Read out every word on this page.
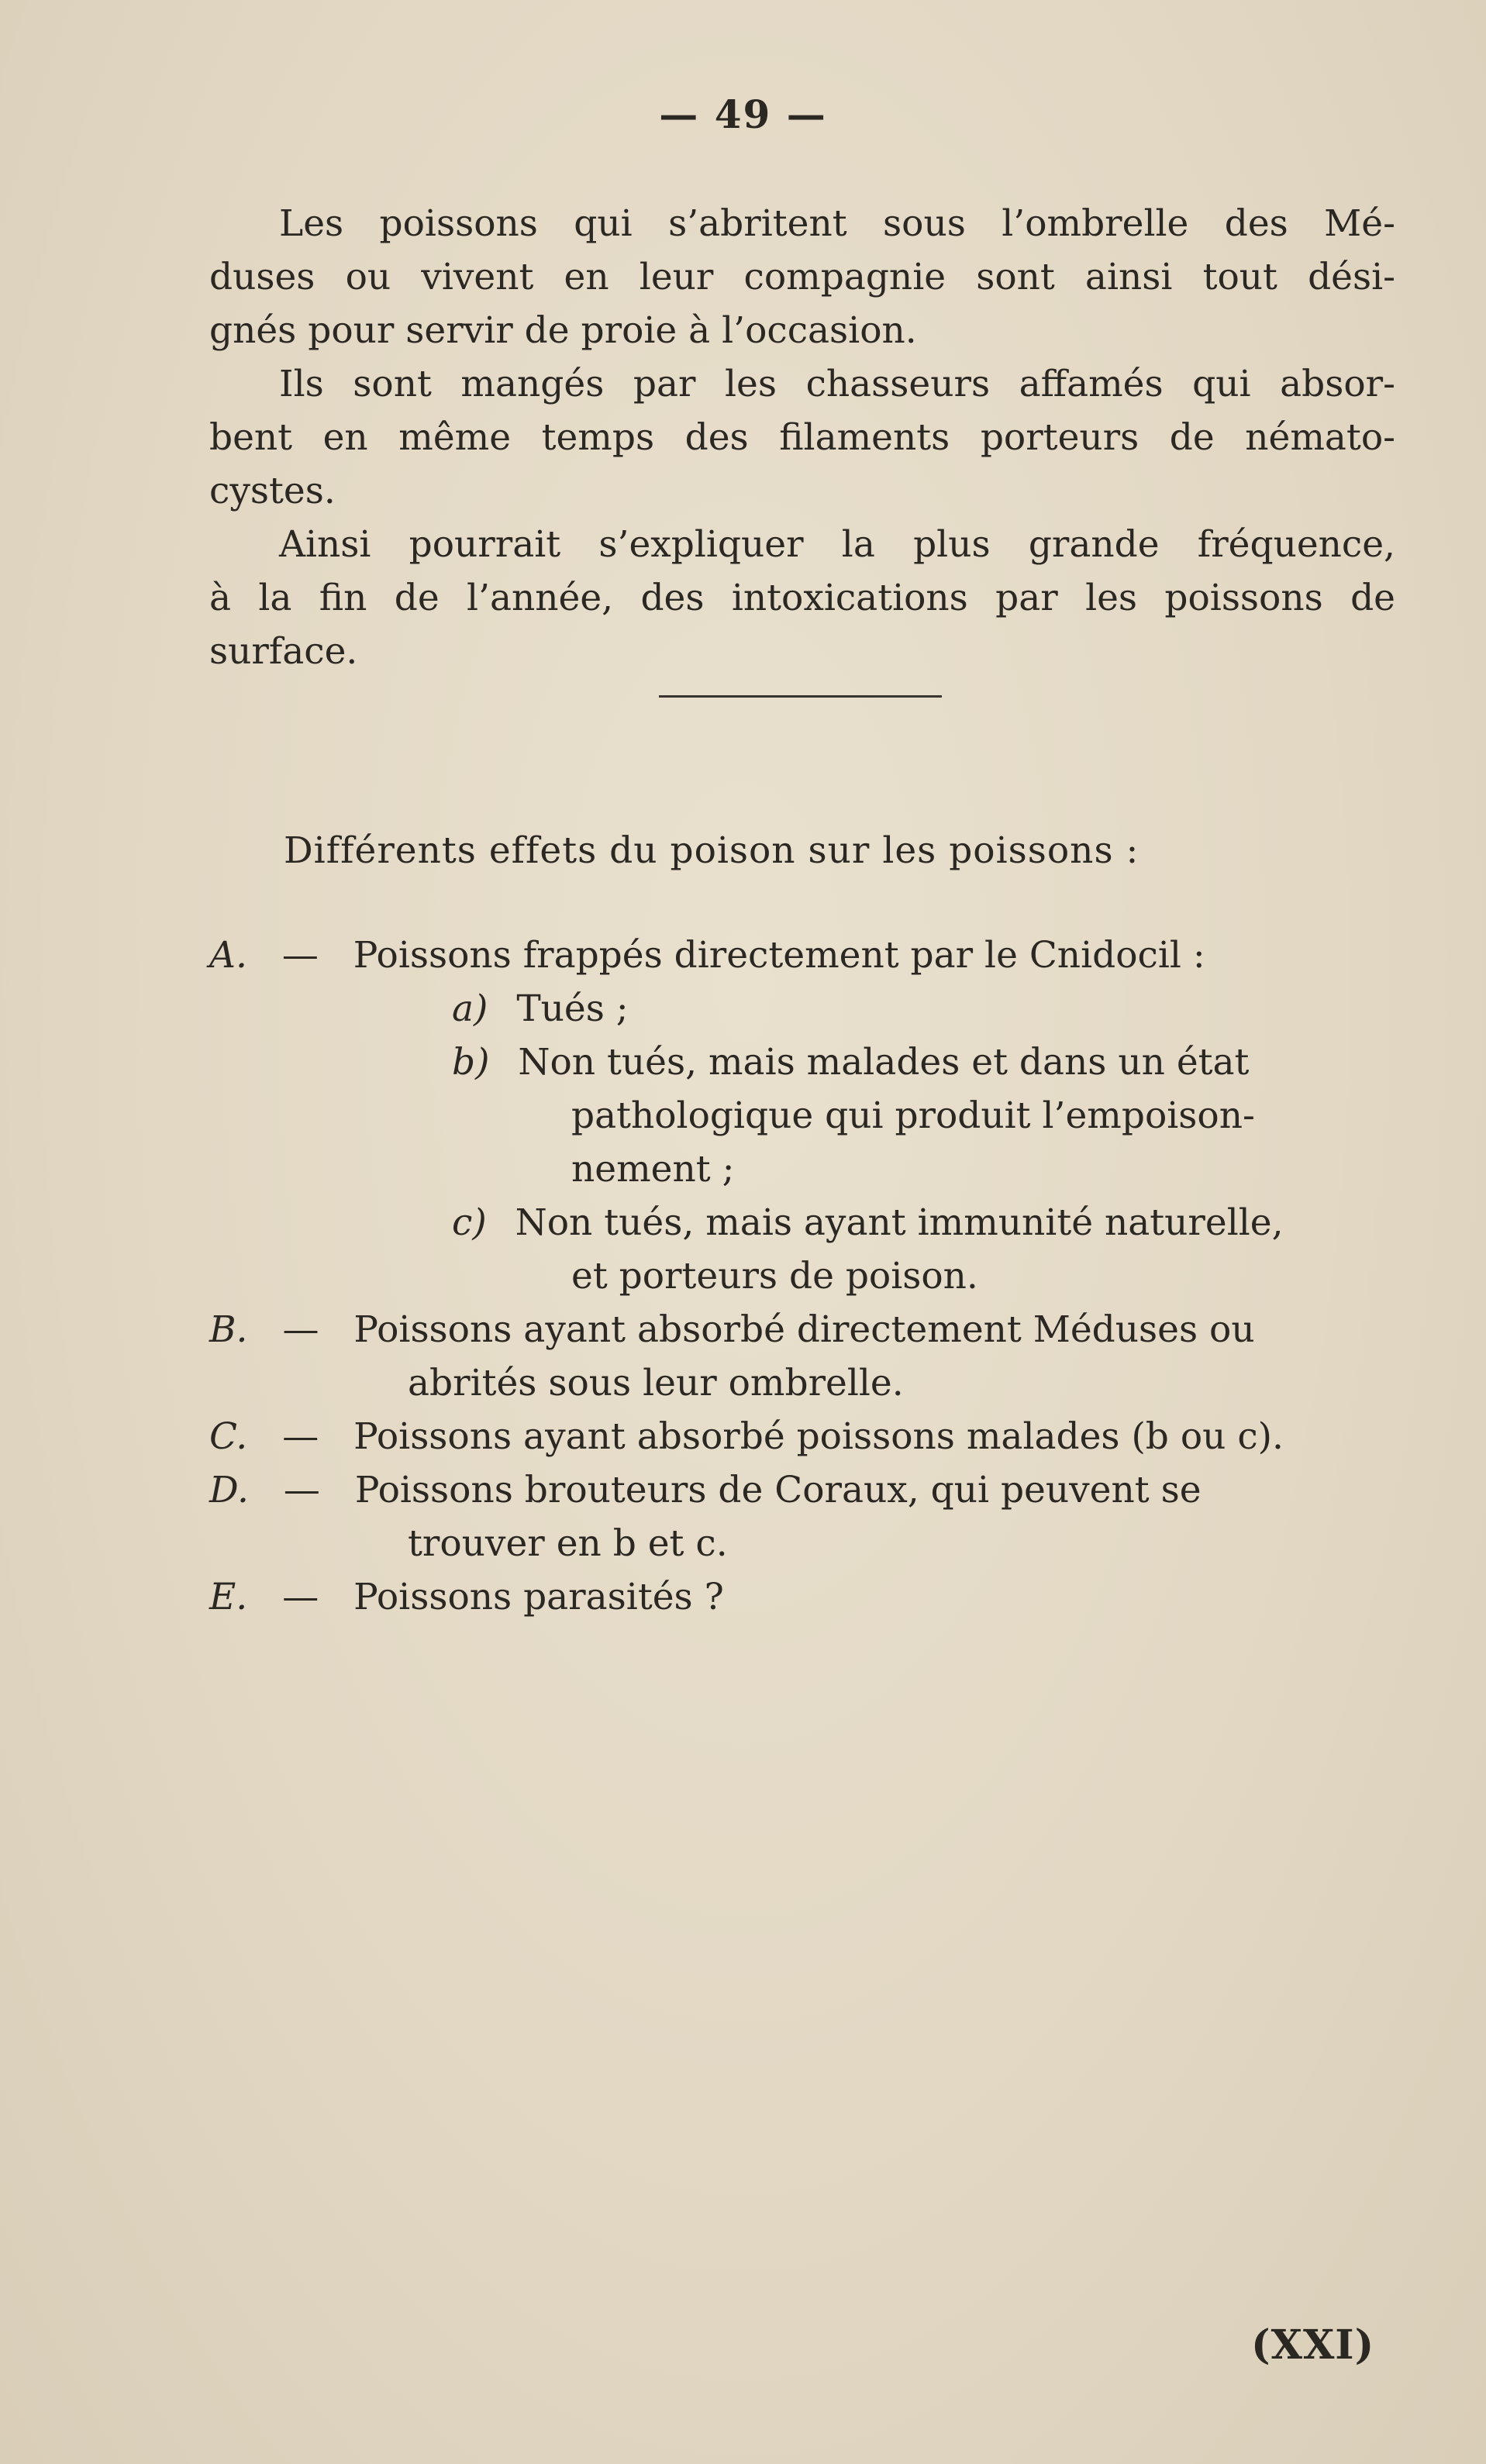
— 49 —
Les poissons qui s’abritent sous l’ombrelle des Mé-
duses ou vivent en leur compagnie sont ainsi tout dési-
gnés pour servir de proie à l’occasion.
Ils sont mangés par les chasseurs affamés qui absor-
bent en même temps des filaments porteurs de némato-
cystes.
Ainsi pourrait s’expliquer la plus grande fréquence,
à la fin de l’année, des intoxications par les poissons de
surface.
Différents effets du poison sur les poissons :
A. — Poissons frappés directement par le Cnidocil :
a) Tués ;
b) Non tués, mais malades et dans un état
pathologique qui produit l’empoison-
nement ;
c) Non tués, mais ayant immunité naturelle,
et porteurs de poison.
B. — Poissons ayant absorbé directement Méduses ou
abrités sous leur ombrelle.
C. — Poissons ayant absorbé poissons malades (b ou c).
D. — Poissons brouteurs de Coraux, qui peuvent se
trouver en b et c.
E. — Poissons parasités ?
(XXI)
